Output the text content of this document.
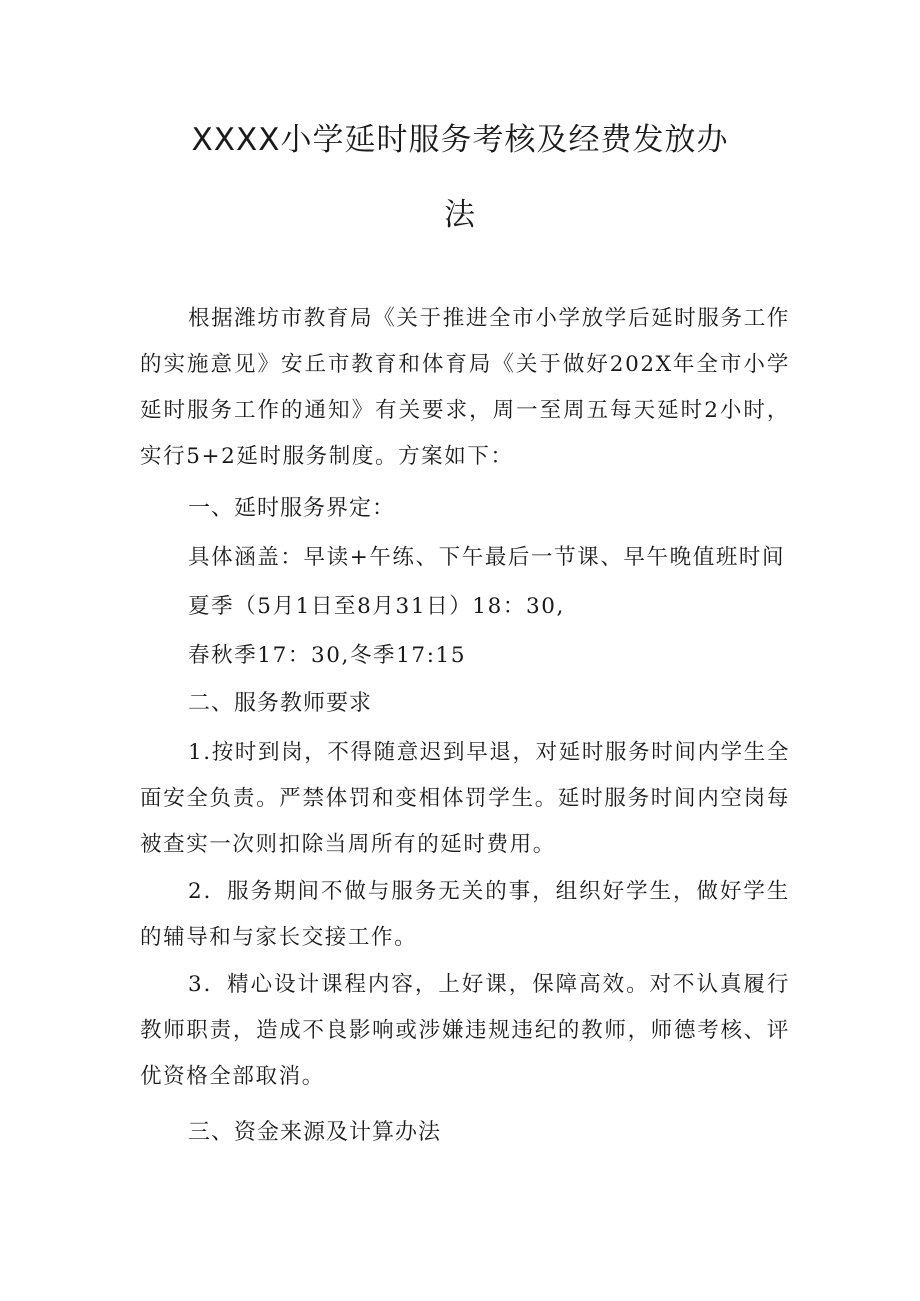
XXXX小学延时服务考核及经费发放办
法

根据潍坊市教育局《关于推进全市小学放学后延时服务工作的实施意见》安丘市教育和体育局《关于做好202X年全市小学延时服务工作的通知》有关要求，周一至周五每天延时2小时，实行5+2延时服务制度。方案如下：

一、延时服务界定：
具体涵盖：早读+午练、下午最后一节课、早午晚值班时间
夏季（5月1日至8月31日）18：30,
春秋季17：30,冬季17:15
二、服务教师要求

1.按时到岗，不得随意迟到早退，对延时服务时间内学生全面安全负责。严禁体罚和变相体罚学生。延时服务时间内空岗每被查实一次则扣除当周所有的延时费用。

2．服务期间不做与服务无关的事，组织好学生，做好学生的辅导和与家长交接工作。

3．精心设计课程内容，上好课，保障高效。对不认真履行教师职责，造成不良影响或涉嫌违规违纪的教师，师德考核、评优资格全部取消。

三、资金来源及计算办法
